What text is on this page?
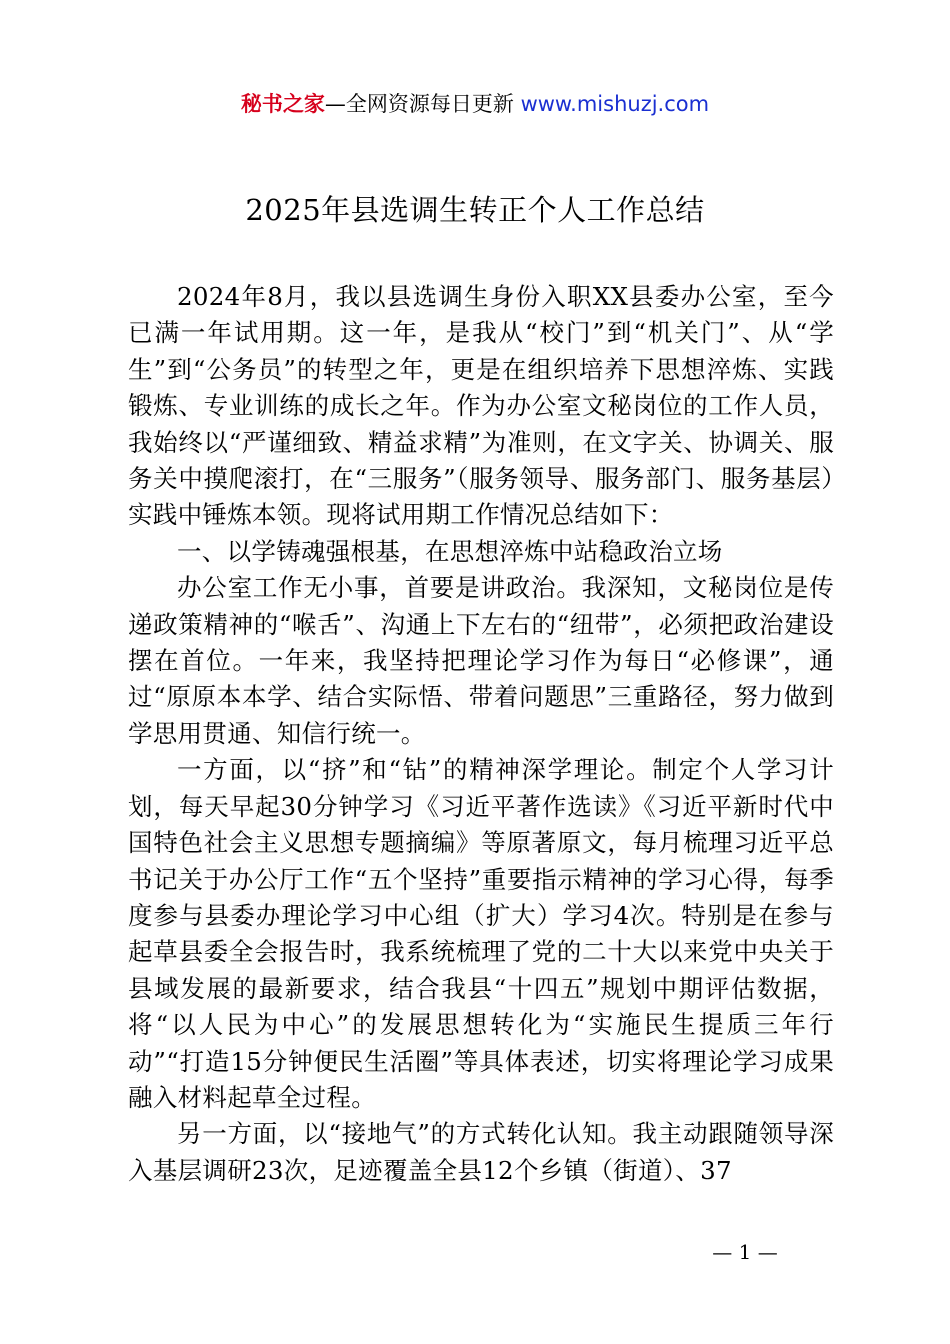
秘书之家—全网资源每日更新 www.mishuzj.com
2025年县选调生转正个人工作总结

2024年8月，我以县选调生身份入职XX县委办公室，至今已满一年试用期。这一年，是我从“校门”到“机关门”、从“学生”到“公务员”的转型之年，更是在组织培养下思想淬炼、实践锻炼、专业训练的成长之年。作为办公室文秘岗位的工作人员，我始终以“严谨细致、精益求精”为准则，在文字关、协调关、服务关中摸爬滚打，在“三服务”（服务领导、服务部门、服务基层）实践中锤炼本领。现将试用期工作情况总结如下：

一、以学铸魂强根基，在思想淬炼中站稳政治立场

办公室工作无小事，首要是讲政治。我深知，文秘岗位是传递政策精神的“喉舌”、沟通上下左右的“纽带”，必须把政治建设摆在首位。一年来，我坚持把理论学习作为每日“必修课”，通过“原原本本学、结合实际悟、带着问题思”三重路径，努力做到学思用贯通、知信行统一。

一方面，以“挤”和“钻”的精神深学理论。制定个人学习计划，每天早起30分钟学习《习近平著作选读》《习近平新时代中国特色社会主义思想专题摘编》等原著原文，每月梳理习近平总书记关于办公厅工作“五个坚持”重要指示精神的学习心得，每季度参与县委办理论学习中心组（扩大）学习4次。特别是在参与起草县委全会报告时，我系统梳理了党的二十大以来党中央关于县域发展的最新要求，结合我县“十四五”规划中期评估数据，将“以人民为中心”的发展思想转化为“实施民生提质三年行动”“打造15分钟便民生活圈”等具体表述，切实将理论学习成果融入材料起草全过程。

另一方面，以“接地气”的方式转化认知。我主动跟随领导深入基层调研23次，足迹覆盖全县12个乡镇（街道）、37

— 1 —
